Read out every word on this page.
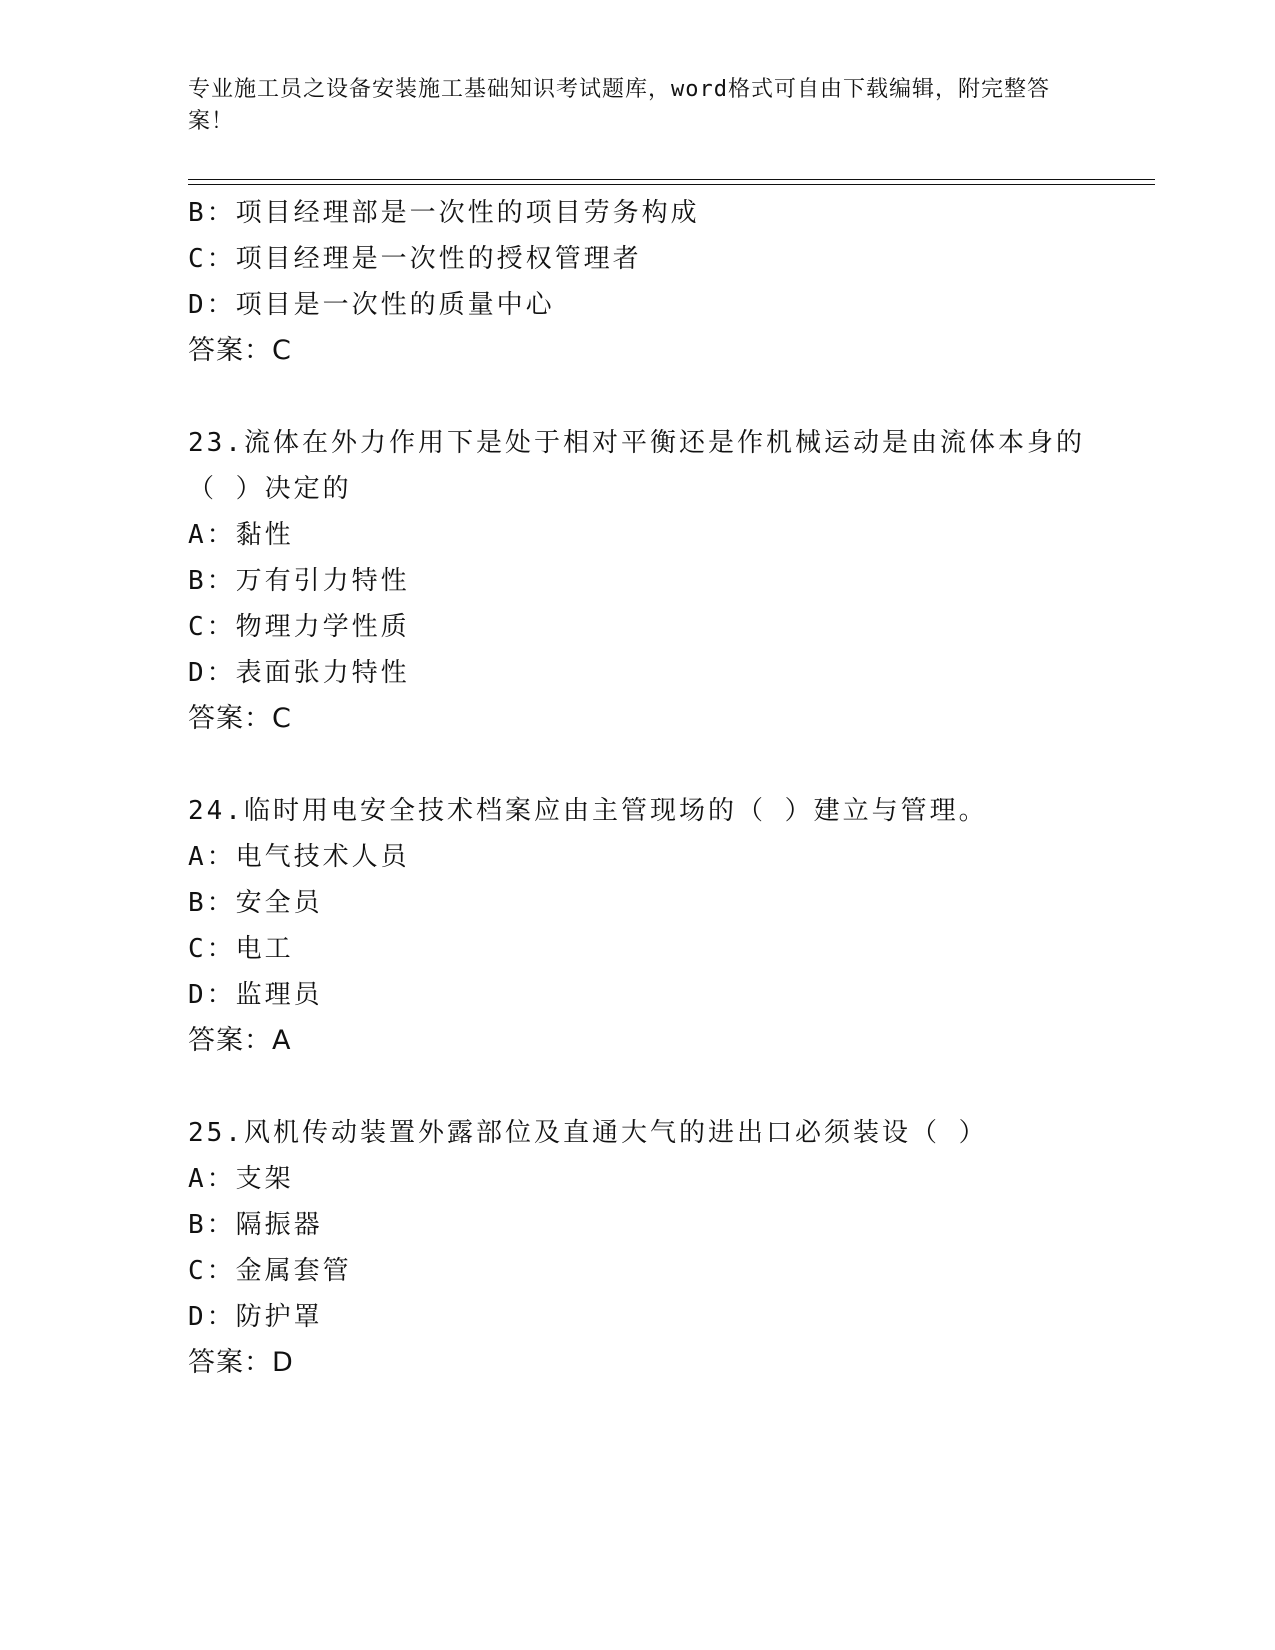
专业施工员之设备安装施工基础知识考试题库，word格式可自由下载编辑，附完整答案！
B：项目经理部是一次性的项目劳务构成
C：项目经理是一次性的授权管理者
D：项目是一次性的质量中心
答案：C
23.流体在外力作用下是处于相对平衡还是作机械运动是由流体本身的
（ ）决定的
A：黏性
B：万有引力特性
C：物理力学性质
D：表面张力特性
答案：C
24.临时用电安全技术档案应由主管现场的（ ）建立与管理。
A：电气技术人员
B：安全员
C：电工
D：监理员
答案：A
25.风机传动装置外露部位及直通大气的进出口必须装设（ ）
A：支架
B：隔振器
C：金属套管
D：防护罩
答案：D
